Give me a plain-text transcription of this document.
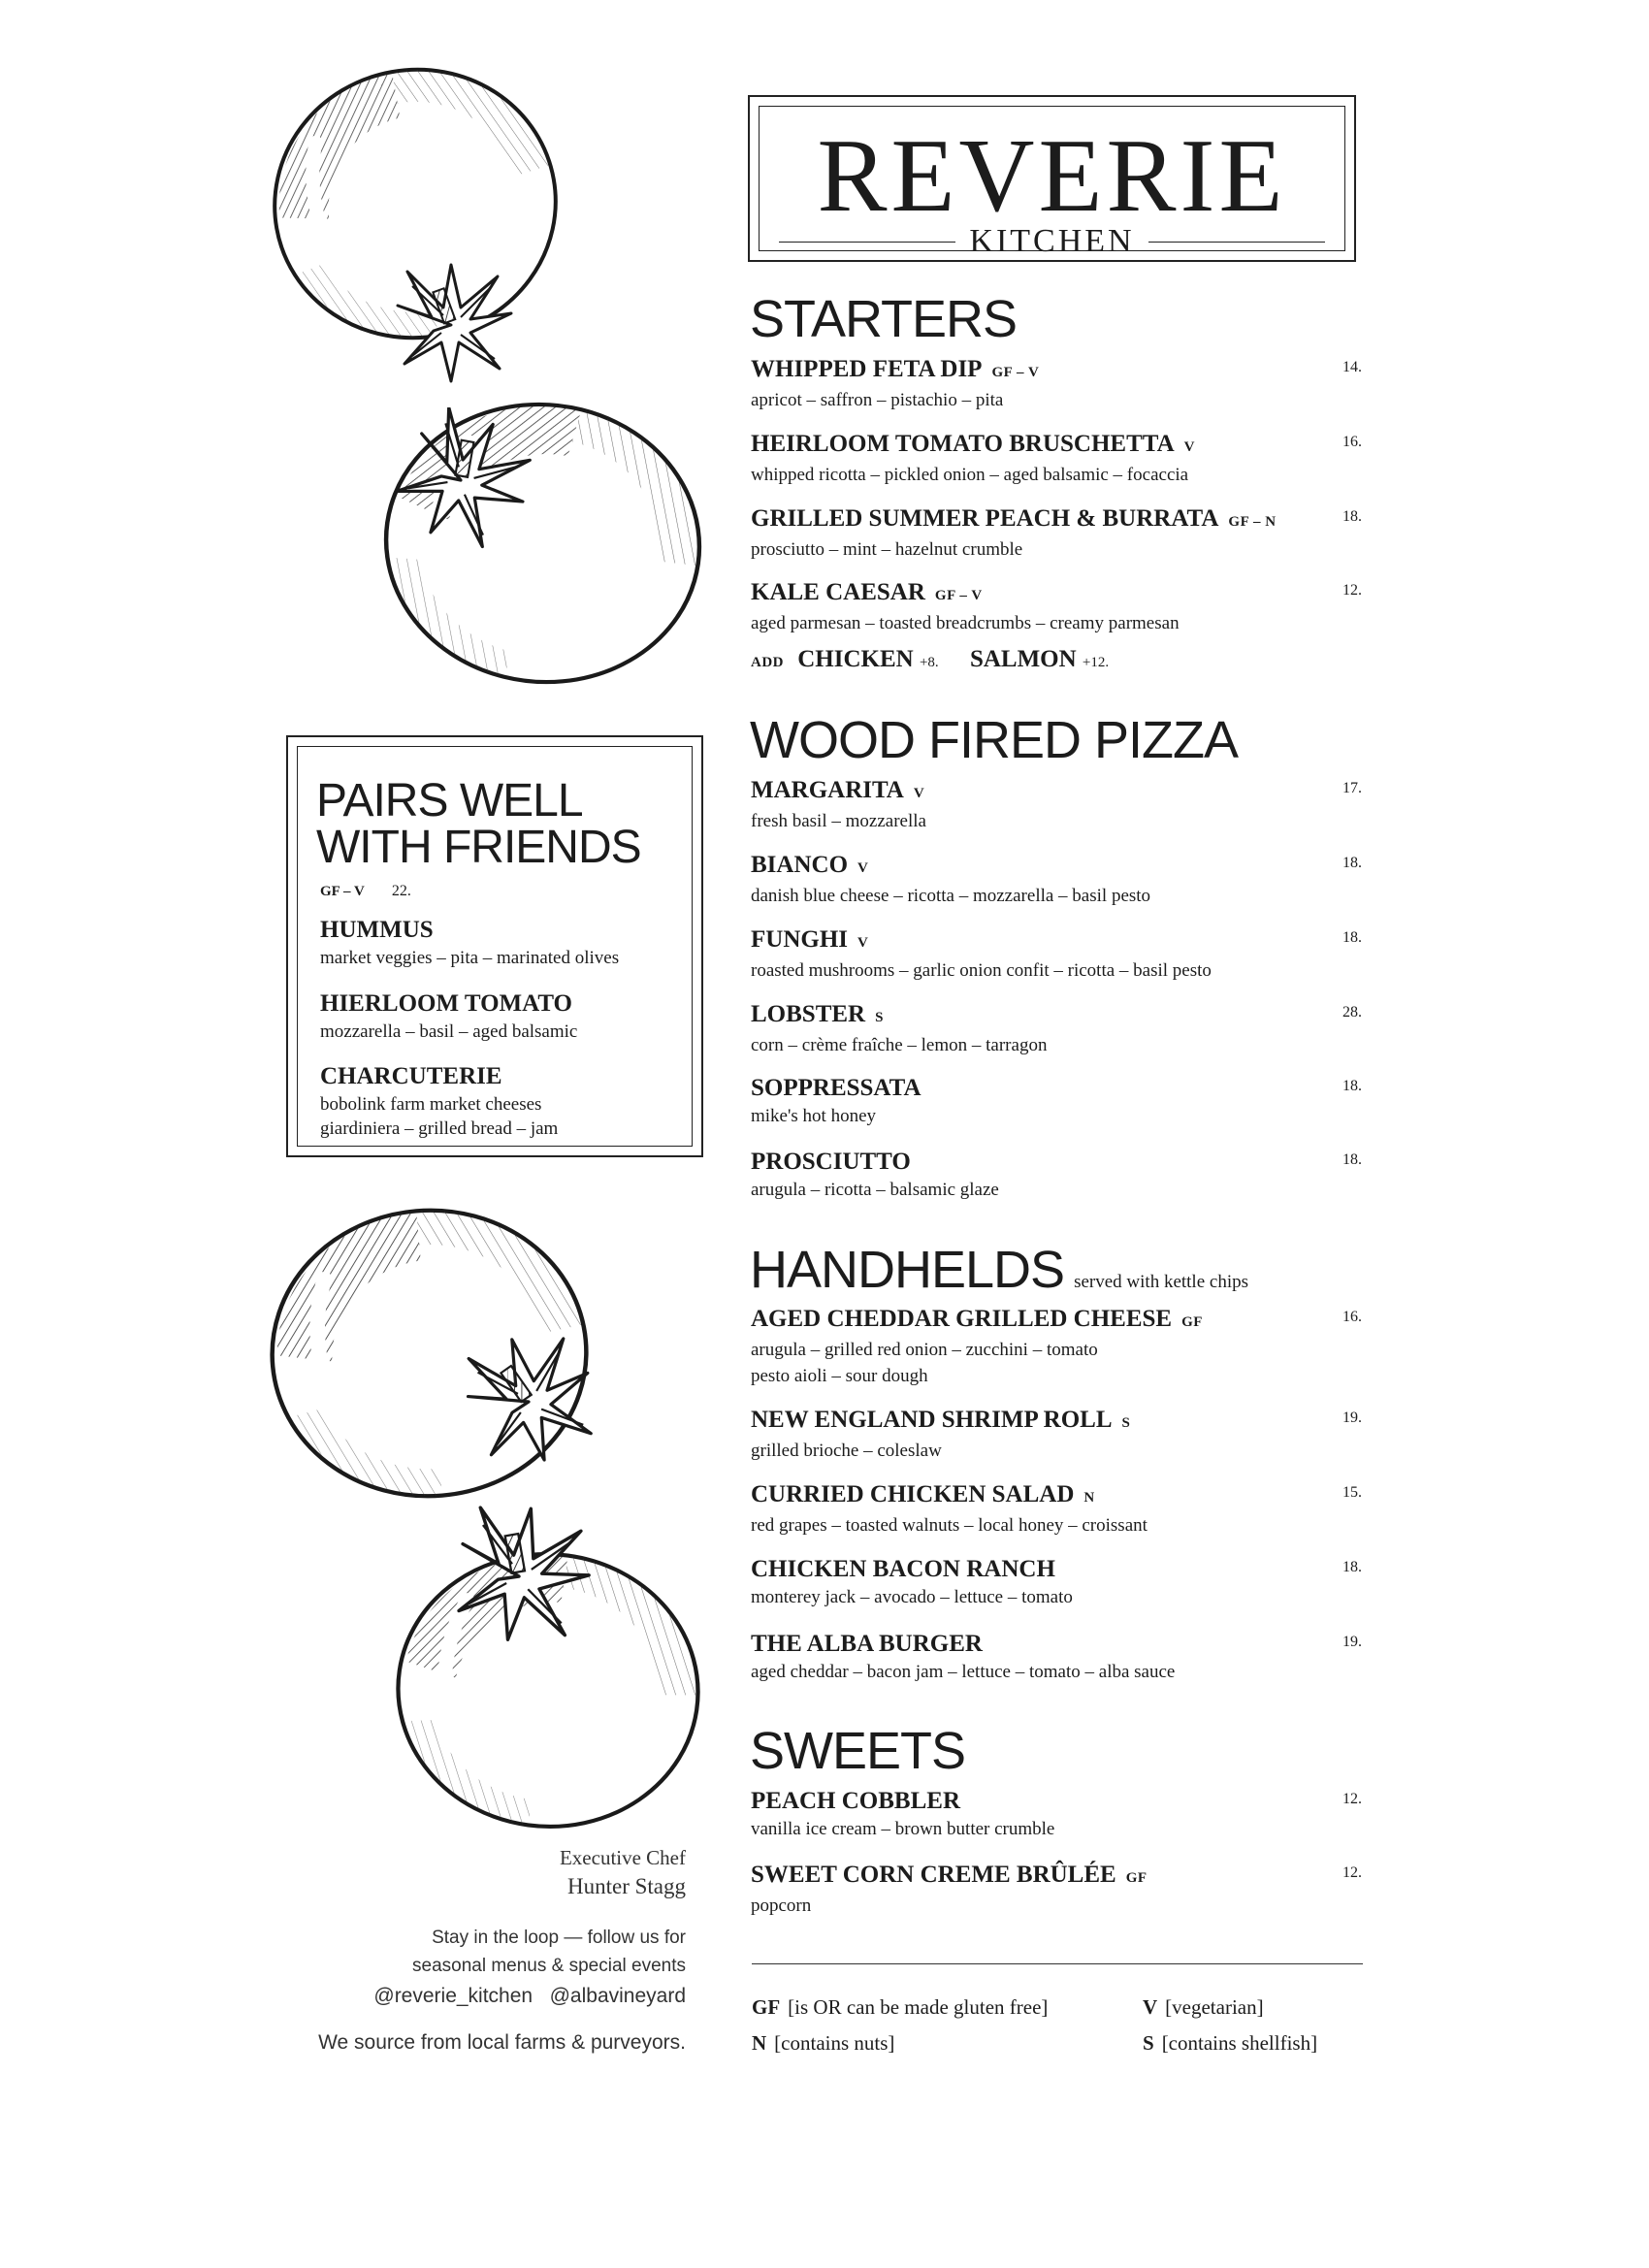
REVERIE
KITCHEN
STARTERS
WHIPPED FETA DIP GF – V
apricot – saffron – pistachio – pita
14.
HEIRLOOM TOMATO BRUSCHETTA V
whipped ricotta – pickled onion – aged balsamic – focaccia
16.
GRILLED SUMMER PEACH & BURRATA GF – N
prosciutto – mint – hazelnut crumble
18.
KALE CAESAR GF – V
aged parmesan – toasted breadcrumbs – creamy parmesan
12.
ADD CHICKEN +8. SALMON +12.
WOOD FIRED PIZZA
MARGARITA V
fresh basil – mozzarella
17.
BIANCO V
danish blue cheese – ricotta – mozzarella – basil pesto
18.
FUNGHI V
roasted mushrooms – garlic onion confit – ricotta – basil pesto
18.
LOBSTER S
corn – crème fraîche – lemon – tarragon
28.
SOPPRESSATA
mike's hot honey
18.
PROSCIUTTO
arugula – ricotta – balsamic glaze
18.
HANDHELDS served with kettle chips
AGED CHEDDAR GRILLED CHEESE GF
arugula – grilled red onion – zucchini – tomato
pesto aioli – sour dough
16.
NEW ENGLAND SHRIMP ROLL S
grilled brioche – coleslaw
19.
CURRIED CHICKEN SALAD N
red grapes – toasted walnuts – local honey – croissant
15.
CHICKEN BACON RANCH
monterey jack – avocado – lettuce – tomato
18.
THE ALBA BURGER
aged cheddar – bacon jam – lettuce – tomato – alba sauce
19.
SWEETS
PEACH COBBLER
vanilla ice cream – brown butter crumble
12.
SWEET CORN CREME BRÛLÉE GF
popcorn
12.
GF [is OR can be made gluten free]	V [vegetarian]
N [contains nuts]	S [contains shellfish]
PAIRS WELL
WITH FRIENDS
GF – V 22.
HUMMUS
market veggies – pita – marinated olives
HIERLOOM TOMATO
mozzarella – basil – aged balsamic
CHARCUTERIE
bobolink farm market cheeses
giardiniera – grilled bread – jam
Executive Chef
Hunter Stagg
Stay in the loop — follow us for
seasonal menus & special events
@reverie_kitchen   @albavineyard
We source from local farms & purveyors.
